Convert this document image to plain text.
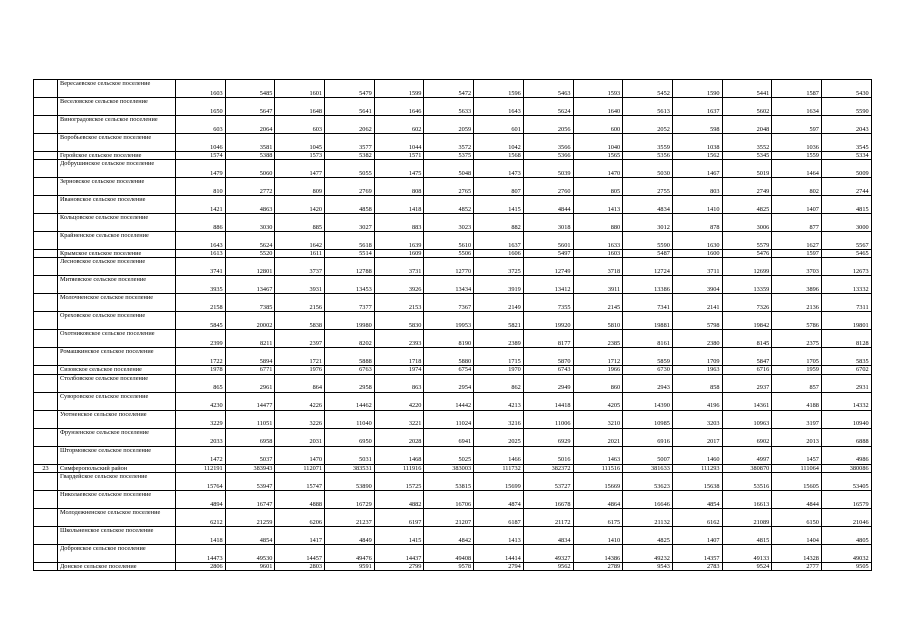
	Вересаевское сельское поселение	1603	5485	1601	5479	1599	5472	1596	5463	1593	5452	1590	5441	1587	5430
	Веселовское сельское поселение	1650	5647	1648	5641	1646	5633	1643	5624	1640	5613	1637	5602	1634	5590
	Виноградовское сельское поселение	603	2064	603	2062	602	2059	601	2056	600	2052	598	2048	597	2043
	Воробьевское сельское поселение	1046	3581	1045	3577	1044	3572	1042	3566	1040	3559	1038	3552	1036	3545
	Геройское сельское поселение	1574	5388	1573	5382	1571	5375	1568	5366	1565	5356	1562	5345	1559	5334
	Добрушинское сельское поселение	1479	5060	1477	5055	1475	5048	1473	5039	1470	5030	1467	5019	1464	5009
	Зерновское сельское поселение	810	2772	809	2769	808	2765	807	2760	805	2755	803	2749	802	2744
	Ивановское сельское поселение	1421	4863	1420	4858	1418	4852	1415	4844	1413	4834	1410	4825	1407	4815
	Кольцовское сельское поселение	886	3030	885	3027	883	3023	882	3018	880	3012	878	3006	877	3000
	Крайненское сельское поселение	1643	5624	1642	5618	1639	5610	1637	5601	1633	5590	1630	5579	1627	5567
	Крымское сельское поселение	1613	5520	1611	5514	1609	5506	1606	5497	1603	5487	1600	5476	1597	5465
	Лесновское сельское поселение	3741	12801	3737	12788	3731	12770	3725	12749	3718	12724	3711	12699	3703	12673
	Митяевское сельское поселение	3935	13467	3931	13453	3926	13434	3919	13412	3911	13386	3904	13359	3896	13332
	Молочненское сельское поселение	2158	7385	2156	7377	2153	7367	2149	7355	2145	7341	2141	7326	2136	7311
	Ореховское сельское поселение	5845	20002	5838	19980	5830	19953	5821	19920	5810	19881	5798	19842	5786	19801
	Охотниковское сельское поселение	2399	8211	2397	8202	2393	8190	2389	8177	2385	8161	2380	8145	2375	8128
	Ромашкинское сельское поселение	1722	5894	1721	5888	1718	5880	1715	5870	1712	5859	1709	5847	1705	5835
	Сизовское сельское поселение	1978	6771	1976	6763	1974	6754	1970	6743	1966	6730	1963	6716	1959	6702
	Столбовское сельское поселение	865	2961	864	2958	863	2954	862	2949	860	2943	858	2937	857	2931
	Суворовское сельское поселение	4230	14477	4226	14462	4220	14442	4213	14418	4205	14390	4196	14361	4188	14332
	Уютненское сельское поселение	3229	11051	3226	11040	3221	11024	3216	11006	3210	10985	3203	10963	3197	10940
	Фрунзенское сельское поселение	2033	6958	2031	6950	2028	6941	2025	6929	2021	6916	2017	6902	2013	6888
	Штормовское сельское поселение	1472	5037	1470	5031	1468	5025	1466	5016	1463	5007	1460	4997	1457	4986
23	Симферопольский район	112191	383943	112071	383531	111916	383003	111732	382372	111516	381633	111293	380870	111064	380086
	Гвардейское сельское поселение	15764	53947	15747	53890	15725	53815	15699	53727	15669	53623	15638	53516	15605	53405
	Николаевское сельское поселение	4894	16747	4888	16729	4882	16706	4874	16678	4864	16646	4854	16613	4844	16579
	Молодежненское сельское поселение	6212	21259	6206	21237	6197	21207	6187	21172	6175	21132	6162	21089	6150	21046
	Школьненское сельское поселение	1418	4854	1417	4849	1415	4842	1413	4834	1410	4825	1407	4815	1404	4805
	Добровское сельское поселение	14473	49530	14457	49476	14437	49408	14414	49327	14386	49232	14357	49133	14328	49032
	Донское сельское поселение	2806	9601	2803	9591	2799	9578	2794	9562	2789	9543	2783	9524	2777	9505
